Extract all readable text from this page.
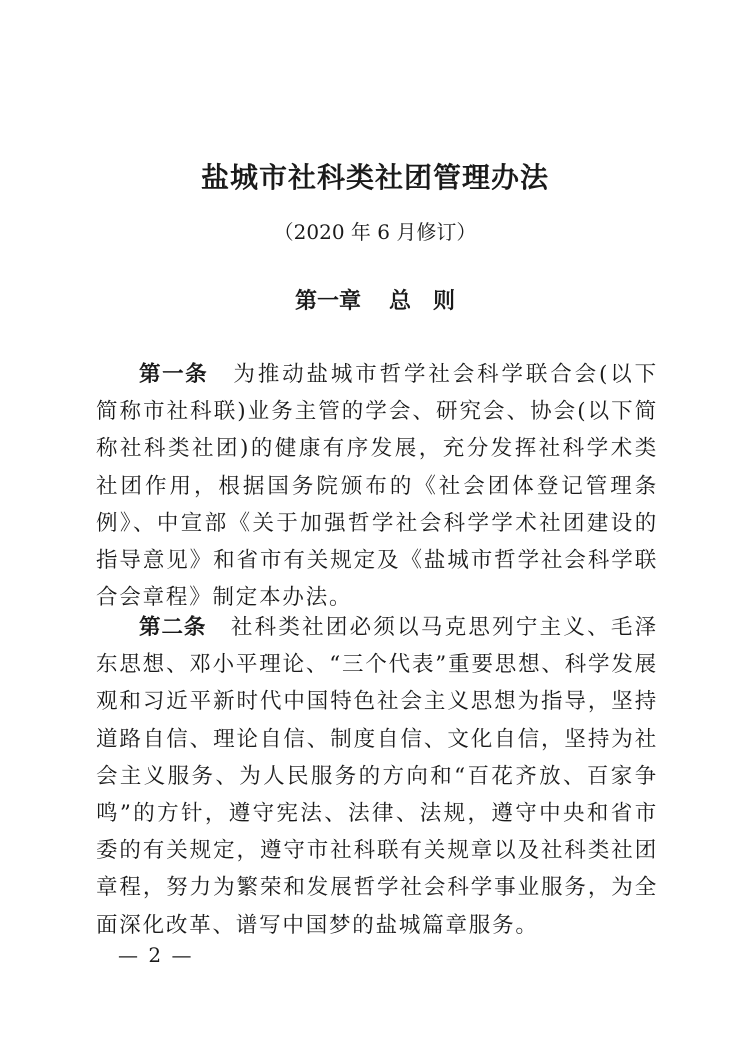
盐城市社科类社团管理办法
（2020 年 6 月修订）
第一章 总 则

第一条 为推动盐城市哲学社会科学联合会(以下简称市社科联)业务主管的学会、研究会、协会(以下简称社科类社团)的健康有序发展，充分发挥社科学术类社团作用，根据国务院颁布的《社会团体登记管理条例》、中宣部《关于加强哲学社会科学学术社团建设的指导意见》和省市有关规定及《盐城市哲学社会科学联合会章程》制定本办法。

第二条 社科类社团必须以马克思列宁主义、毛泽东思想、邓小平理论、“三个代表”重要思想、科学发展观和习近平新时代中国特色社会主义思想为指导，坚持道路自信、理论自信、制度自信、文化自信，坚持为社会主义服务、为人民服务的方向和“百花齐放、百家争鸣”的方针，遵守宪法、法律、法规，遵守中央和省市委的有关规定，遵守市社科联有关规章以及社科类社团章程，努力为繁荣和发展哲学社会科学事业服务，为全面深化改革、谱写中国梦的盐城篇章服务。

— 2 —
